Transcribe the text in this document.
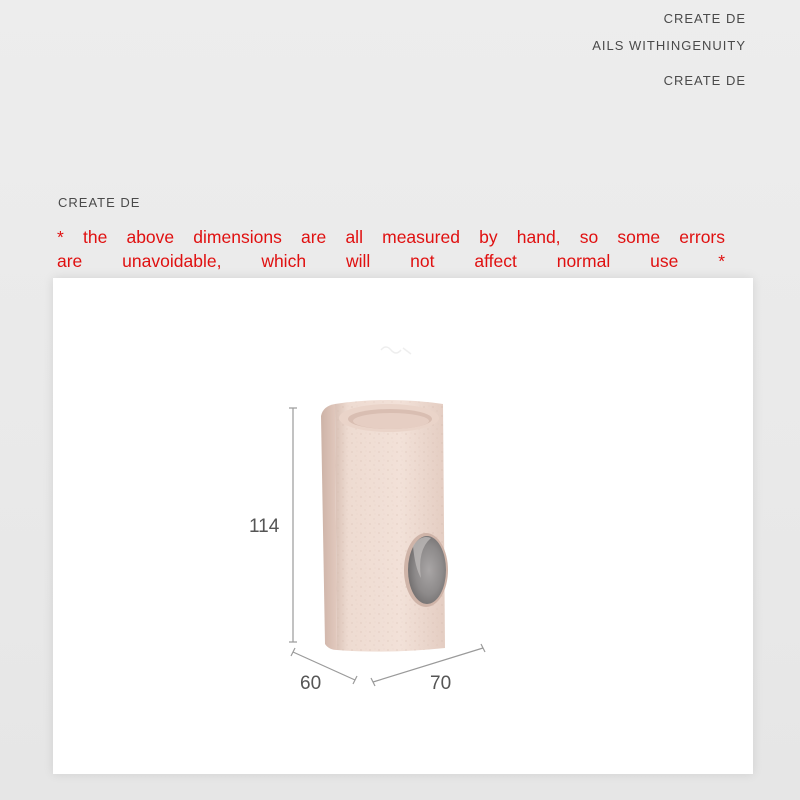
CREATE DE
AILS WITHINGENUITY
CREATE DE
CREATE DE
* the above dimensions are all measured by hand, so some errors
are unavoidable, which will not affect normal use *
114
60	70
